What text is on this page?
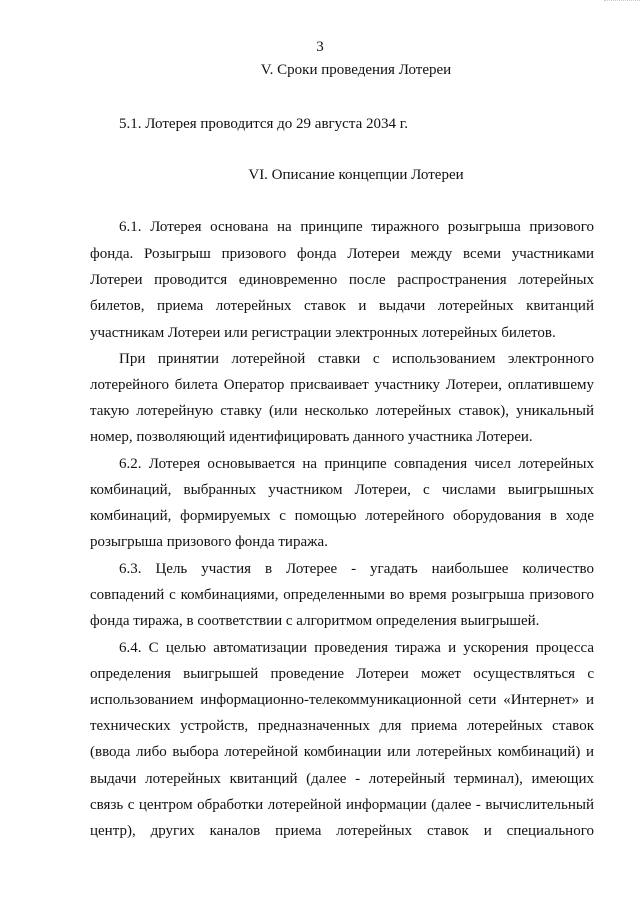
3
V. Сроки проведения Лотереи
5.1. Лотерея проводится до 29 августа 2034 г.
VI. Описание концепции Лотереи
6.1. Лотерея основана на принципе тиражного розыгрыша призового
фонда. Розыгрыш призового фонда Лотереи между всеми участниками
Лотереи проводится единовременно после распространения лотерейных
билетов, приема лотерейных ставок и выдачи лотерейных квитанций
участникам Лотереи или регистрации электронных лотерейных билетов.
При принятии лотерейной ставки с использованием электронного
лотерейного билета Оператор присваивает участнику Лотереи, оплатившему
такую лотерейную ставку (или несколько лотерейных ставок), уникальный
номер, позволяющий идентифицировать данного участника Лотереи.
6.2. Лотерея основывается на принципе совпадения чисел лотерейных
комбинаций, выбранных участником Лотереи, с числами выигрышных
комбинаций, формируемых с помощью лотерейного оборудования в ходе
розыгрыша призового фонда тиража.
6.3. Цель участия в Лотерее - угадать наибольшее количество
совпадений с комбинациями, определенными во время розыгрыша призового
фонда тиража, в соответствии с алгоритмом определения выигрышей.
6.4. С целью автоматизации проведения тиража и ускорения процесса
определения выигрышей проведение Лотереи может осуществляться с
использованием информационно-телекоммуникационной сети «Интернет» и
технических устройств, предназначенных для приема лотерейных ставок
(ввода либо выбора лотерейной комбинации или лотерейных комбинаций) и
выдачи лотерейных квитанций (далее - лотерейный терминал), имеющих
связь с центром обработки лотерейной информации (далее - вычислительный
центр), других каналов приема лотерейных ставок и специального
